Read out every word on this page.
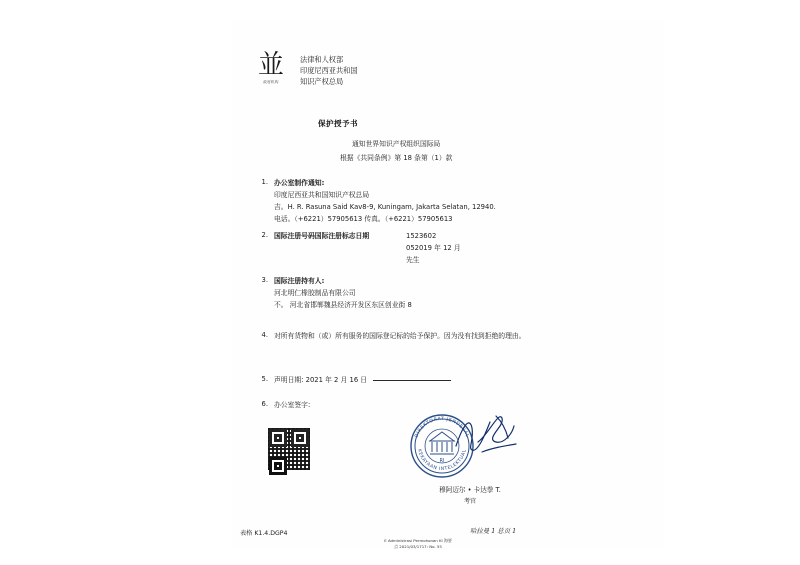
並
政府机构
法律和人权部
印度尼西亚共和国
知识产权总局
保护授予书
通知世界知识产权组织国际局
根据《共同条例》第 18 条第（1）款
1. 办公室制作通知:
印度尼西亚共和国知识产权总局
吉。H. R. Rasuna Said Kav8-9, Kuningam, Jakarta Selatan, 12940.
电话。（+6221）57905613 传真。（+6221）57905613
2. 国际注册号码国际注册标志日期	1523602
052019 年 12 月
先生
3. 国际注册持有人:
河北明仁橡胶制品有限公司
不。 河北省邯郸魏县经济开发区东区创业街 8
4. 对所有货物和（或）所有服务的国际登记标的给予保护。因为没有找到拒绝的理由。
5. 声明日期: 2021 年 2 月 16 日
6. 办公室签字:
DIREKTORAT JENDERAL
KEKAYAAN INTELEKTUAL
RI
穆阿迈尔 • 卡达拳 T.
考官
表格 K1.4.DGP4	哈拉曼 1 总页 1
E Administrasi Permohonan KI 海要
点 2021/03/1717: No. 55
